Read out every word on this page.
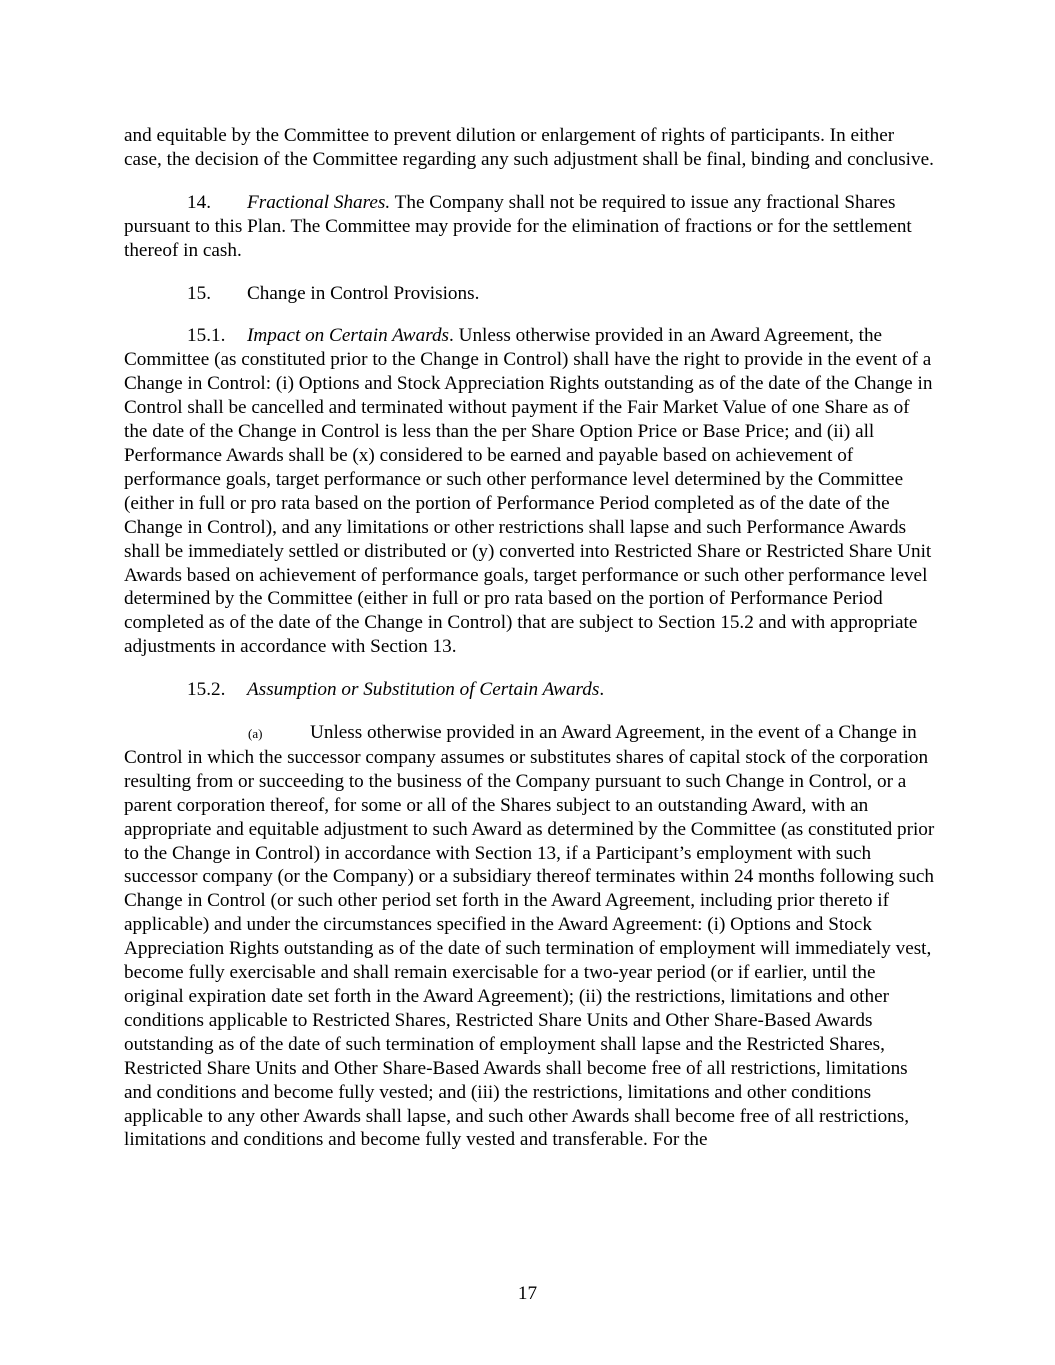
and equitable by the Committee to prevent dilution or enlargement of rights of participants. In either case, the decision of the Committee regarding any such adjustment shall be final, binding and conclusive.

14. Fractional Shares. The Company shall not be required to issue any fractional Shares pursuant to this Plan. The Committee may provide for the elimination of fractions or for the settlement thereof in cash.

15. Change in Control Provisions.

15.1. Impact on Certain Awards. Unless otherwise provided in an Award Agreement, the Committee (as constituted prior to the Change in Control) shall have the right to provide in the event of a Change in Control: (i) Options and Stock Appreciation Rights outstanding as of the date of the Change in Control shall be cancelled and terminated without payment if the Fair Market Value of one Share as of the date of the Change in Control is less than the per Share Option Price or Base Price; and (ii) all Performance Awards shall be (x) considered to be earned and payable based on achievement of performance goals, target performance or such other performance level determined by the Committee (either in full or pro rata based on the portion of Performance Period completed as of the date of the Change in Control), and any limitations or other restrictions shall lapse and such Performance Awards shall be immediately settled or distributed or (y) converted into Restricted Share or Restricted Share Unit Awards based on achievement of performance goals, target performance or such other performance level determined by the Committee (either in full or pro rata based on the portion of Performance Period completed as of the date of the Change in Control) that are subject to Section 15.2 and with appropriate adjustments in accordance with Section 13.

15.2. Assumption or Substitution of Certain Awards.

(a) Unless otherwise provided in an Award Agreement, in the event of a Change in Control in which the successor company assumes or substitutes shares of capital stock of the corporation resulting from or succeeding to the business of the Company pursuant to such Change in Control, or a parent corporation thereof, for some or all of the Shares subject to an outstanding Award, with an appropriate and equitable adjustment to such Award as determined by the Committee (as constituted prior to the Change in Control) in accordance with Section 13, if a Participant’s employment with such successor company (or the Company) or a subsidiary thereof terminates within 24 months following such Change in Control (or such other period set forth in the Award Agreement, including prior thereto if applicable) and under the circumstances specified in the Award Agreement: (i) Options and Stock Appreciation Rights outstanding as of the date of such termination of employment will immediately vest, become fully exercisable and shall remain exercisable for a two-year period (or if earlier, until the original expiration date set forth in the Award Agreement); (ii) the restrictions, limitations and other conditions applicable to Restricted Shares, Restricted Share Units and Other Share-Based Awards outstanding as of the date of such termination of employment shall lapse and the Restricted Shares, Restricted Share Units and Other Share-Based Awards shall become free of all restrictions, limitations and conditions and become fully vested; and (iii) the restrictions, limitations and other conditions applicable to any other Awards shall lapse, and such other Awards shall become free of all restrictions, limitations and conditions and become fully vested and transferable. For the

17
